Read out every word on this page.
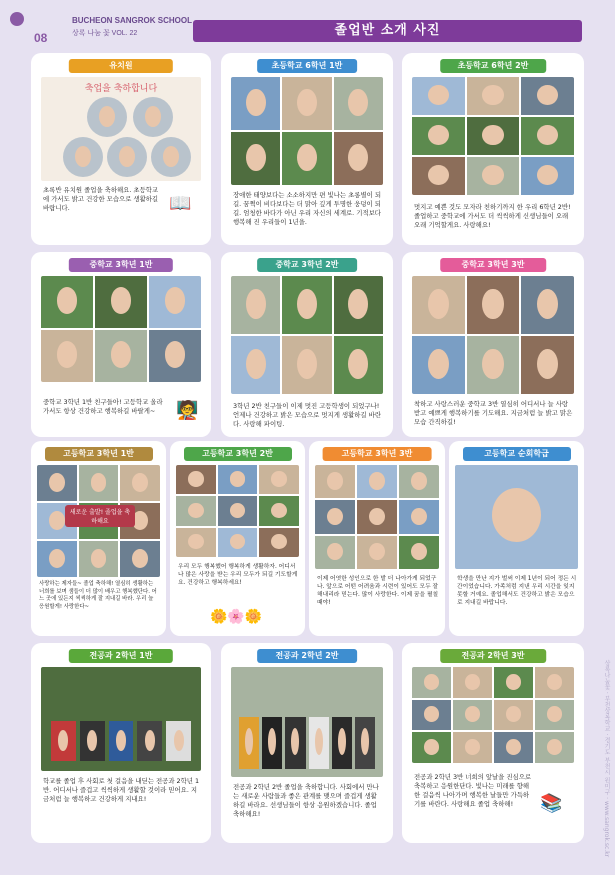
08
BUCHEON SANGROK SCHOOL
상록 나눔 꽃 VOL. 22	졸업반 소개 사진
상록나눔꽃 · 부천상록학교 · 경기도 부천시 원미구 · www.sangrok.sc.kr
유치원
축업을 축하합니다
초록반 유치원 졸업을 축하해요. 초등학교에 가서도 밝고 건강한 모습으로 생활하길 바랍니다.	📖
초등학교 6학년 1반
장애한 태양보다는 소소하지만 편 빛나는 초롱별이 되길. 꿈쩍이 비다보다는 더 맑아 깊게 투명한 웅덩이 되길. 엄청한 바다가 아닌 우리 자신의 세계로. 기적보다 행복해 진 우리들이 1년을.
초등학교 6학년 2반
멋지고 예쁜 것도 모자라 친하기까지 한 우리 6학년 2반! 졸업하고 중학교에 가서도 더 씩씩하게 신생님들이 오래오래 기억할게요. 사랑해요!
중학교 3학년 1반
중학교 3학년 1반 친구들아! 고등학교 올라가서도 항상 건강하고 행복하길 바랄게~	🧑‍🏫
중학교 3학년 2반
3학년 2반 친구들이 이제 멋진 고등학생이 되었구나! 언제나 건강하고 밝은 모습으로 멋지게 생활하길 바란다. 사랑해 파이팅.
중학교 3학년 3반
착하고 사랑스러운 중학교 3반 열심히 어디서나 늘 사랑받고 예쁘게 행복하기를 기도해요. 지금처럼 늘 밝고 맑은 모습 간직하길!
고등학교 3학년 1반
새로운 출발! 졸업을 축하해요
사랑하는 제자들~ 졸업 축하해! 열심히 생활하는 너희를 보며 샘들이 더 많이 배우고 행복했단다. 어느 곳에 있든지 씩씩하게 잘 지내길 바라. 우리 늘 응원할게! 사랑한다~
고등학교 3학년 2반
우리 모두 행복했어 행복하게 생활하자. 어디서나 많은 사랑을 받는 우리 모두가 되길 기도할게요. 건강하고 행복하세요!
🌼🌸🌼
고등학교 3학년 3반
이제 어엿한 성인으로 한 발 더 나아가게 되었구나. 앞으로 어떤 어려움과 시련이 있어도 모두 잘 해내리라 믿는다. 많이 사랑한다. 이제 꿈을 펼칠 때야!
고등학교 순회학급
학생을 만난 지가 벌써 이제 1년이 되어 정든 시간이었습니다. 가족처럼 지낸 우리 시간을 잊지 못할 거예요. 졸업해서도 건강하고 밝은 모습으로 지내길 바랍니다.
전공과 2학년 1반
학교를 졸업 후 사회로 첫 걸음을 내딛는 전공과 2학년 1반. 어디서나 즐겁고 씩씩하게 생활할 것이라 믿어요. 지금처럼 늘 행복하고 건강하게 지내요!
전공과 2학년 2반
전공과 2학년 2반 졸업을 축하합니다. 사회에서 만나는 새로운 사람들과 좋은 관계를 맺으며 즐겁게 생활하길 바라요. 선생님들이 항상 응원하겠습니다. 졸업 축하해요!
전공과 2학년 3반
전공과 2학년 3반 너희의 앞날을 진심으로 축복하고 응원한단다. 빛나는 미래를 향해 한 걸음씩 나아가며 행복한 날들만 가득하기를 바란다. 사랑해요 졸업 축하해!	📚
